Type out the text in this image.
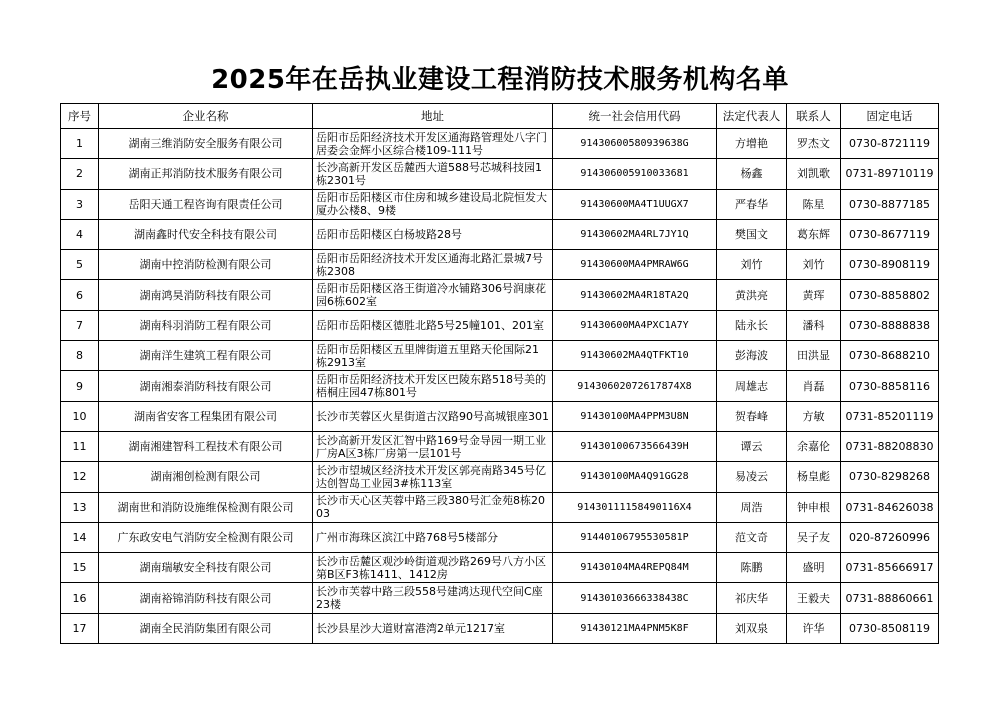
2025年在岳执业建设工程消防技术服务机构名单
序号	企业名称	地址	统一社会信用代码	法定代表人	联系人	固定电话
1	湖南三维消防安全服务有限公司	岳阳市岳阳经济技术开发区通海路管理处八字门居委会金辉小区综合楼109-111号	91430600580939638G	方增艳	罗杰文	0730-8721119
2	湖南正邦消防技术服务有限公司	长沙高新开发区岳麓西大道588号芯城科技园1栋2301号	914306005910033681	杨鑫	刘凯歌	0731-89710119
3	岳阳天通工程咨询有限责任公司	岳阳市岳阳楼区市住房和城乡建设局北院恒发大厦办公楼8、9楼	91430600MA4T1UUGX7	严春华	陈星	0730-8877185
4	湖南鑫时代安全科技有限公司	岳阳市岳阳楼区白杨坡路28号	91430602MA4RL7JY1Q	樊国文	葛东辉	0730-8677119
5	湖南中控消防检测有限公司	岳阳市岳阳经济技术开发区通海北路汇景城7号栋2308	91430600MA4PMRAW6G	刘竹	刘竹	0730-8908119
6	湖南鸿昊消防科技有限公司	岳阳市岳阳楼区洛王街道冷水铺路306号润康花园6栋602室	91430602MA4R18TA2Q	黄洪亮	黄珲	0730-8858802
7	湖南科羽消防工程有限公司	岳阳市岳阳楼区德胜北路5号25幢101、201室	91430600MA4PXC1A7Y	陆永长	潘科	0730-8888838
8	湖南洋生建筑工程有限公司	岳阳市岳阳楼区五里牌街道五里路天伦国际21栋2913室	91430602MA4QTFKT10	彭海波	田洪显	0730-8688210
9	湖南湘泰消防科技有限公司	岳阳市岳阳经济技术开发区巴陵东路518号美的梧桐庄园47栋801号	91430602072617874X8	周雄志	肖磊	0730-8858116
10	湖南省安客工程集团有限公司	长沙市芙蓉区火星街道古汉路90号高城银座301	91430100MA4PPM3U8N	贺春峰	方敏	0731-85201119
11	湖南湘建智科工程技术有限公司	长沙高新开发区汇智中路169号金导园一期工业厂房A区3栋厂房第一层101号	91430100673566439H	谭云	余嘉伦	0731-88208830
12	湖南湘创检测有限公司	长沙市望城区经济技术开发区郭亮南路345号亿达创智岛工业园3#栋113室	91430100MA4Q91GG28	易凌云	杨皇彪	0730-8298268
13	湖南世和消防设施维保检测有限公司	长沙市天心区芙蓉中路三段380号汇金苑8栋2003	91430111158490116X4	周浩	钟申根	0731-84626038
14	广东政安电气消防安全检测有限公司	广州市海珠区滨江中路768号5楼部分	91440106795530581P	范文奇	吴子友	020-87260996
15	湖南瑞敏安全科技有限公司	长沙市岳麓区观沙岭街道观沙路269号八方小区第B区F3栋1411、1412房	91430104MA4REPQ84M	陈鹏	盛明	0731-85666917
16	湖南裕锦消防科技有限公司	长沙市芙蓉中路三段558号建鸿达现代空间C座23楼	91430103666338438C	祁庆华	王毅夫	0731-88860661
17	湖南全民消防集团有限公司	长沙县星沙大道财富港湾2单元1217室	91430121MA4PNM5K8F	刘双泉	许华	0730-8508119
